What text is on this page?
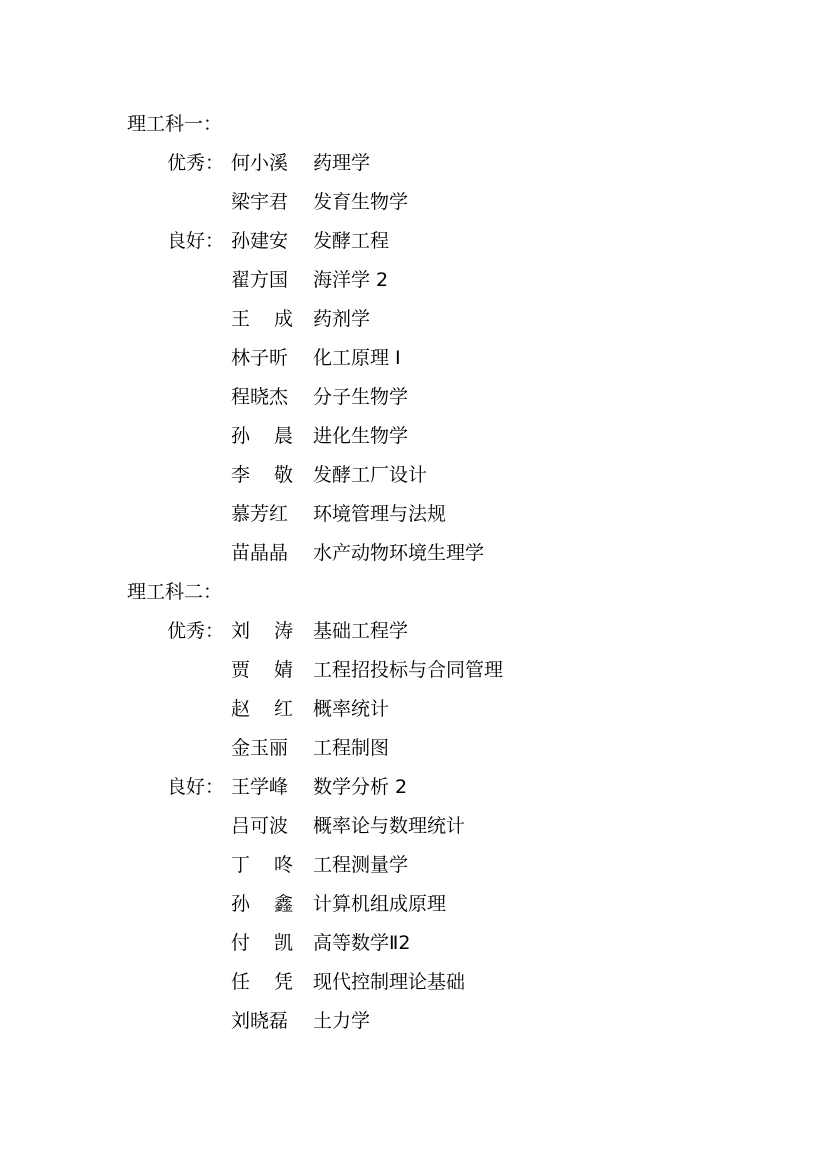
理工科一：
优秀： 何小溪 药理学
梁宇君 发育生物学
良好： 孙建安 发酵工程
翟方国 海洋学 2
王 成 药剂学
林子昕 化工原理 I
程晓杰 分子生物学
孙 晨 进化生物学
李 敬 发酵工厂设计
慕芳红 环境管理与法规
苗晶晶 水产动物环境生理学
理工科二：
优秀： 刘 涛 基础工程学
贾 婧 工程招投标与合同管理
赵 红 概率统计
金玉丽 工程制图
良好： 王学峰 数学分析 2
吕可波 概率论与数理统计
丁 咚 工程测量学
孙 鑫 计算机组成原理
付 凯 高等数学Ⅱ2
任 凭 现代控制理论基础
刘晓磊 土力学
